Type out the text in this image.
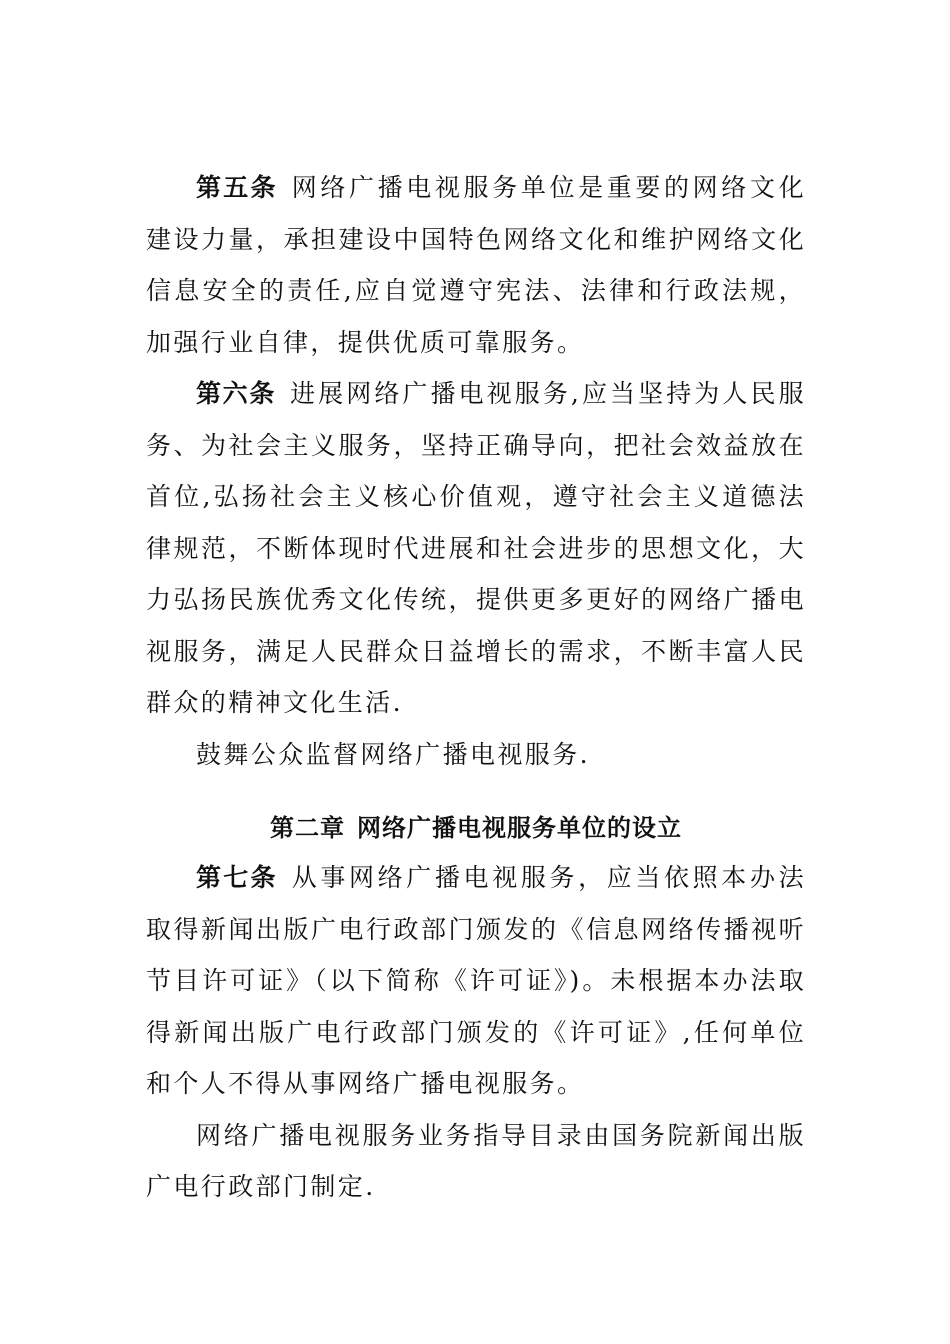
第五条 网络广播电视服务单位是重要的网络文化建设力量，承担建设中国特色网络文化和维护网络文化信息安全的责任,应自觉遵守宪法、法律和行政法规，加强行业自律，提供优质可靠服务。

第六条 进展网络广播电视服务,应当坚持为人民服务、为社会主义服务，坚持正确导向，把社会效益放在首位,弘扬社会主义核心价值观，遵守社会主义道德法律规范，不断体现时代进展和社会进步的思想文化，大力弘扬民族优秀文化传统，提供更多更好的网络广播电视服务，满足人民群众日益增长的需求，不断丰富人民群众的精神文化生活.

鼓舞公众监督网络广播电视服务.

第二章 网络广播电视服务单位的设立

第七条 从事网络广播电视服务，应当依照本办法取得新闻出版广电行政部门颁发的《信息网络传播视听节目许可证》（以下简称《许可证》)。未根据本办法取得新闻出版广电行政部门颁发的《许可证》,任何单位和个人不得从事网络广播电视服务。

网络广播电视服务业务指导目录由国务院新闻出版广电行政部门制定.
